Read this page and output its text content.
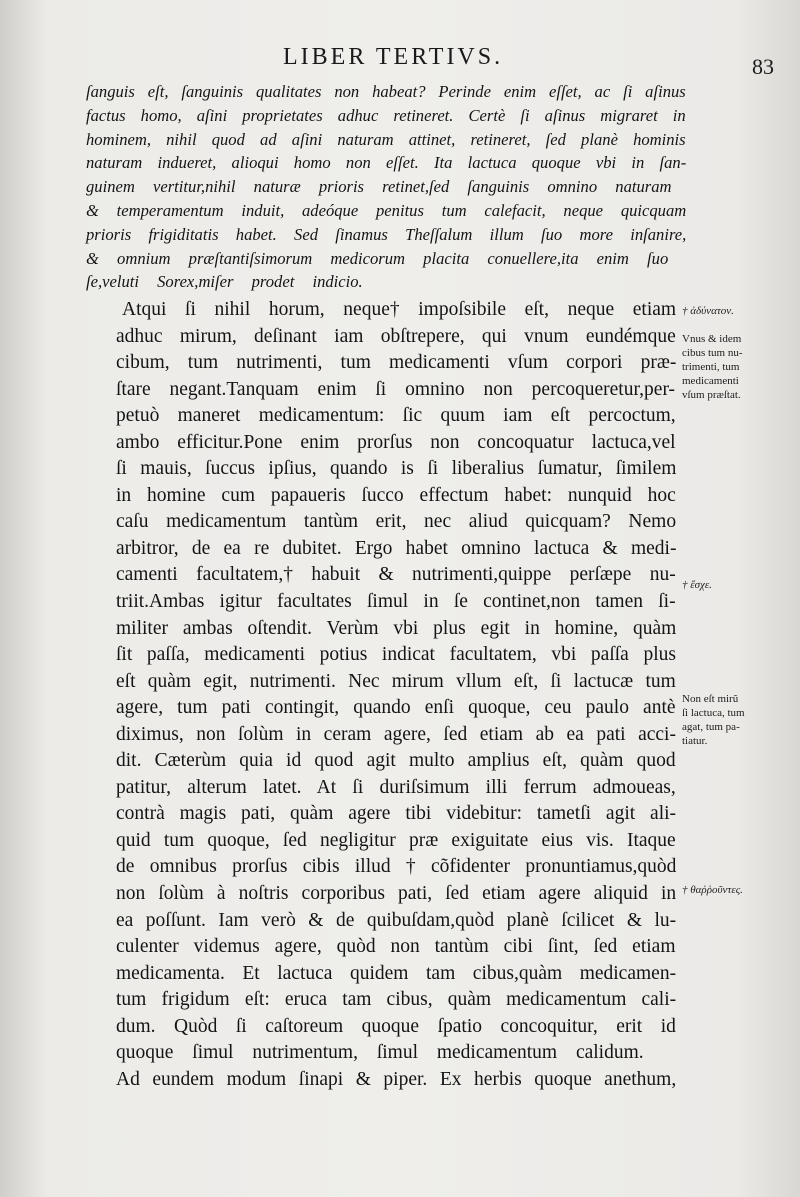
LIBER TERTIVS.	83
ſanguis eſt, ſanguinis qualitates non habeat? Perinde enim eſſet, ac ſi aſinus
factus homo, aſini proprietates adhuc retineret. Certè ſi aſinus migraret in
hominem, nihil quod ad aſini naturam attinet, retineret, ſed planè hominis
naturam indueret, alioqui homo non eſſet. Ita lactuca quoque vbi in ſan-
guinem vertitur,nihil naturæ prioris retinet,ſed ſanguinis omnino naturam
& temperamentum induit, adeóque penitus tum calefacit, neque quicquam
prioris frigiditatis habet. Sed ſinamus Theſſalum illum ſuo more inſanire,
& omnium præſtantiſsimorum medicorum placita conuellere,ita enim ſuo
ſe,veluti Sorex,miſer prodet indicio.
Atqui ſi nihil horum, neque† impoſsibile eſt, neque etiam
adhuc mirum, deſinant iam obſtrepere, qui vnum eundémque
cibum, tum nutrimenti, tum medicamenti vſum corpori præ-
ſtare negant.Tanquam enim ſi omnino non percoqueretur,per-
petuò maneret medicamentum: ſic quum iam eſt percoctum,
ambo efficitur.Pone enim prorſus non concoquatur lactuca,vel
ſi mauis, ſuccus ipſius, quando is ſi liberalius ſumatur, ſimilem
in homine cum papaueris ſucco effectum habet: nunquid hoc
caſu medicamentum tantùm erit, nec aliud quicquam? Nemo
arbitror, de ea re dubitet. Ergo habet omnino lactuca & medi-
camenti facultatem,† habuit & nutrimenti,quippe perſæpe nu-
triit.Ambas igitur facultates ſimul in ſe continet,non tamen ſi-
militer ambas oſtendit. Verùm vbi plus egit in homine, quàm
ſit paſſa, medicamenti potius indicat facultatem, vbi paſſa plus
eſt quàm egit, nutrimenti. Nec mirum vllum eſt, ſi lactucæ tum
agere, tum pati contingit, quando enſi quoque, ceu paulo antè
diximus, non ſolùm in ceram agere, ſed etiam ab ea pati acci-
dit. Cæterùm quia id quod agit multo amplius eſt, quàm quod
patitur, alterum latet. At ſi duriſsimum illi ferrum admoueas,
contrà magis pati, quàm agere tibi videbitur: tametſi agit ali-
quid tum quoque, ſed negligitur præ exiguitate eius vis. Itaque
de omnibus prorſus cibis illud † cõfidenter pronuntiamus,quòd
non ſolùm à noſtris corporibus pati, ſed etiam agere aliquid in
ea poſſunt. Iam verò & de quibuſdam,quòd planè ſcilicet & lu-
culenter videmus agere, quòd non tantùm cibi ſint, ſed etiam
medicamenta. Et lactuca quidem tam cibus,quàm medicamen-
tum frigidum eſt: eruca tam cibus, quàm medicamentum cali-
dum. Quòd ſi caſtoreum quoque ſpatio concoquitur, erit id
quoque ſimul nutrimentum, ſimul medicamentum calidum.
Ad eundem modum ſinapi & piper. Ex herbis quoque anethum,
† ἀδύνατον.
Vnus & idem
cibus tum nu-
trimenti, tum
medicamenti
vſum præſtat.
† ἔσχε.
Non eſt mirũ
ſi lactuca, tum
agat, tum pa-
tiatur.
† θαῤῥοῦντες.
